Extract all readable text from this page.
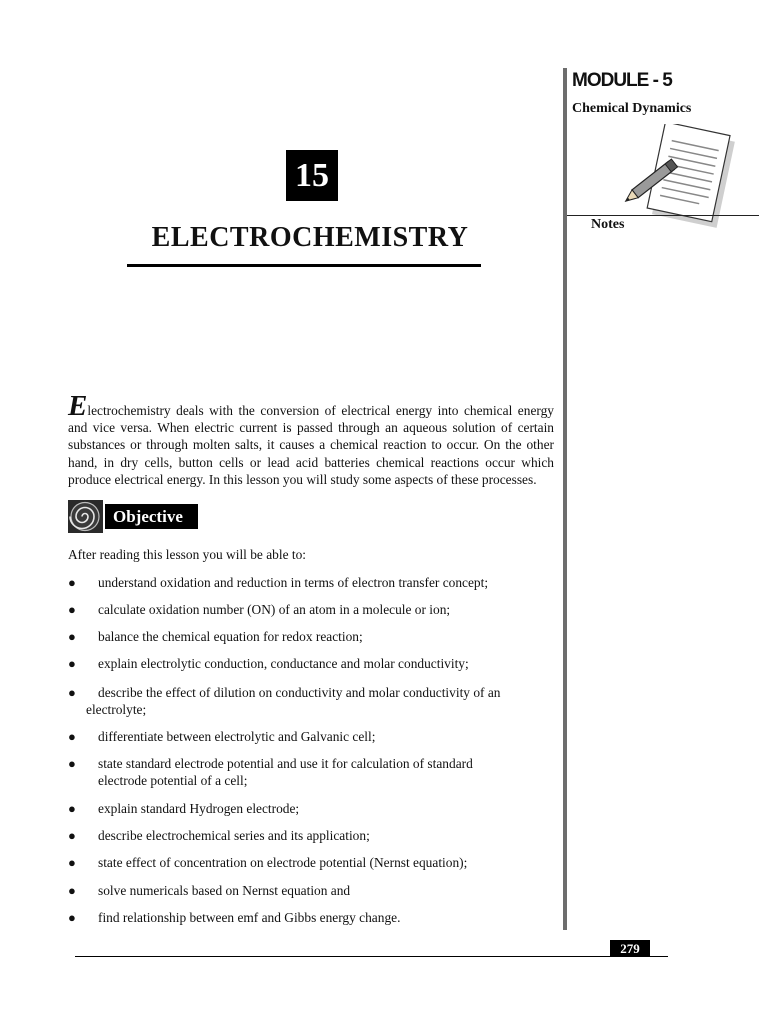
MODULE - 5
Chemical Dynamics
Notes
15
ELECTROCHEMISTRY

Electrochemistry deals with the conversion of electrical energy into chemical energy and vice versa. When electric current is passed through an aqueous solution of certain substances or through molten salts, it causes a chemical reaction to occur. On the other hand, in dry cells, button cells or lead acid batteries chemical reactions occur which produce electrical energy. In this lesson you will study some aspects of these processes.

Objective
After reading this lesson you will be able to:
●	understand oxidation and reduction in terms of electron transfer concept;
●	calculate oxidation number (ON) of an atom in a molecule or ion;
●	balance the chemical equation for redox reaction;
●	explain electrolytic conduction, conductance and molar conductivity;
●	describe the effect of dilution on conductivity and molar conductivity of an electrolyte;
●	differentiate between electrolytic and Galvanic cell;
●	state standard electrode potential and use it for calculation of standard electrode potential of a cell;
●	explain standard Hydrogen electrode;
●	describe electrochemical series and its application;
●	state effect of concentration on electrode potential (Nernst equation);
●	solve numericals based on Nernst equation and
●	find relationship between emf and Gibbs energy change.
279
